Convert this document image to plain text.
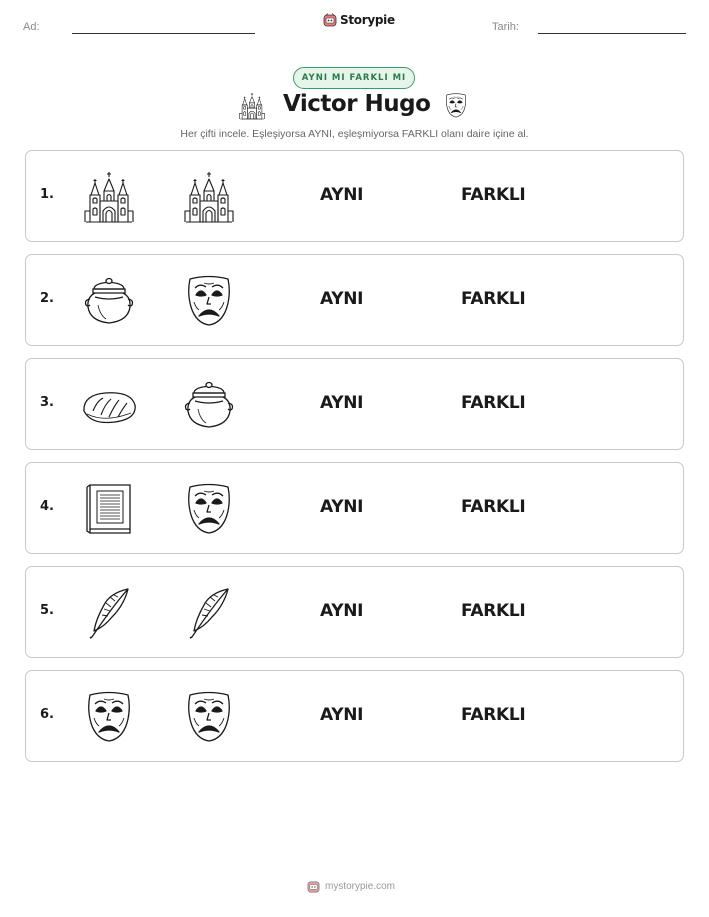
Ad:	Storypie	Tarih:
AYNI MI FARKLI MI
Victor Hugo
Her çifti incele. Eşleşiyorsa AYNI, eşleşmiyorsa FARKLI olanı daire içine al.
1.	AYNI	FARKLI
2.	AYNI	FARKLI
3.	AYNI	FARKLI
4.	AYNI	FARKLI
5.	AYNI	FARKLI
6.	AYNI	FARKLI
mystorypie.com
